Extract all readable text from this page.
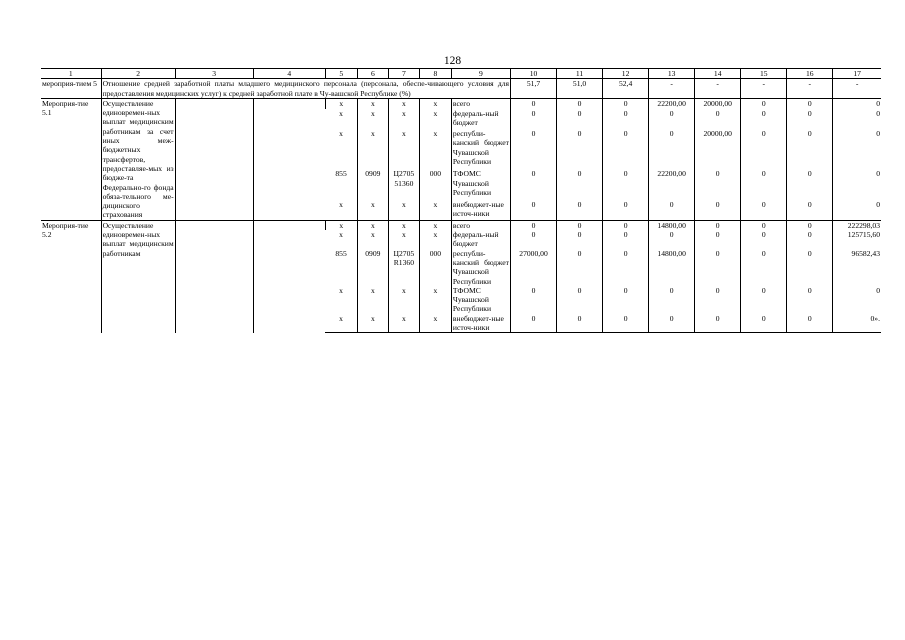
128
1	2	3	4	5	6	7	8	9	10	11	12	13	14	15	16	17
мероприя-тием 5	Отношение средней заработной платы младшего медицинского персонала (персонала, обеспе-чивающего условия для предоставления медицинских услуг) к средней заработной плате в Чу-вашской Республике (%)								51,7	51,0	52,4	-	-	-	-	-
Мероприя-тие 5.1	Осуществление единовремен-ных выплат медицинским работникам за счет иных меж-бюджетных трансфертов, предоставляе-мых из бюдже-та Федерально-го фонда обяза-тельного ме-дицинского страхования			x	x	x	x	всего	0	0	0	22200,00	20000,00	0	0	0
				x	x	x	x	федераль-ный бюджет	0	0	0	0	0	0	0	0
				x	x	x	x	республи-канский бюджет Чувашской Республики	0	0	0	0	20000,00	0	0	0
				855	0909	Ц2705 51360	000	ТФОМС Чувашской Республики	0	0	0	22200,00	0	0	0	0
				x	x	x	x	внебюджет-ные источ-ники	0	0	0	0	0	0	0	0
Мероприя-тие 5.2	Осуществление единовремен-ных выплат медицинским работникам			x	x	x	x	всего	0	0	0	14800,00	0	0	0	222298,03
				x	x	x	x	федераль-ный бюджет	0	0	0	0	0	0	0	125715,60
				855	0909	Ц2705 R1360	000	республи-канский бюджет Чувашской Республики	27000,00	0	0	14800,00	0	0	0	96582,43
				x	x	x	x	ТФОМС Чувашской Республики	0	0	0	0	0	0	0	0
				x	x	x	x	внебюджет-ные источ-ники	0	0	0	0	0	0	0	0».
